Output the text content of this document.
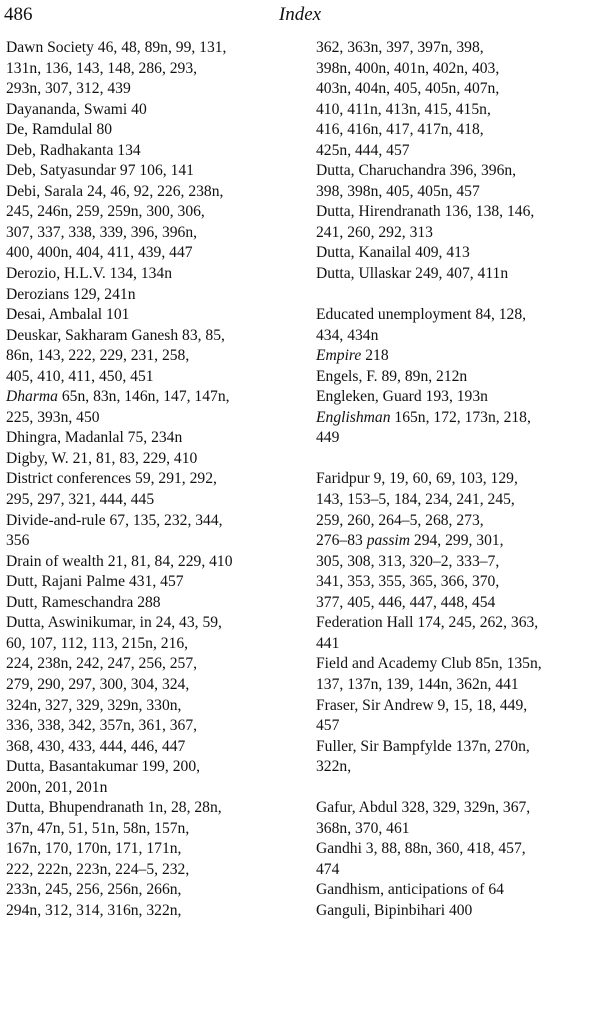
486	Index
Dawn Society 46, 48, 89n, 99, 131,
131n, 136, 143, 148, 286, 293,
293n, 307, 312, 439
Dayananda, Swami 40
De, Ramdulal 80
Deb, Radhakanta 134
Deb, Satyasundar 97 106, 141
Debi, Sarala 24, 46, 92, 226, 238n,
245, 246n, 259, 259n, 300, 306,
307, 337, 338, 339, 396, 396n,
400, 400n, 404, 411, 439, 447
Derozio, H.L.V. 134, 134n
Derozians 129, 241n
Desai, Ambalal 101
Deuskar, Sakharam Ganesh 83, 85,
86n, 143, 222, 229, 231, 258,
405, 410, 411, 450, 451
Dharma 65n, 83n, 146n, 147, 147n,
225, 393n, 450
Dhingra, Madanlal 75, 234n
Digby, W. 21, 81, 83, 229, 410
District conferences 59, 291, 292,
295, 297, 321, 444, 445
Divide-and-rule 67, 135, 232, 344,
356
Drain of wealth 21, 81, 84, 229, 410
Dutt, Rajani Palme 431, 457
Dutt, Rameschandra 288
Dutta, Aswinikumar, in 24, 43, 59,
60, 107, 112, 113, 215n, 216,
224, 238n, 242, 247, 256, 257,
279, 290, 297, 300, 304, 324,
324n, 327, 329, 329n, 330n,
336, 338, 342, 357n, 361, 367,
368, 430, 433, 444, 446, 447
Dutta, Basantakumar 199, 200,
200n, 201, 201n
Dutta, Bhupendranath 1n, 28, 28n,
37n, 47n, 51, 51n, 58n, 157n,
167n, 170, 170n, 171, 171n,
222, 222n, 223n, 224–5, 232,
233n, 245, 256, 256n, 266n,
294n, 312, 314, 316n, 322n,
362, 363n, 397, 397n, 398,
398n, 400n, 401n, 402n, 403,
403n, 404n, 405, 405n, 407n,
410, 411n, 413n, 415, 415n,
416, 416n, 417, 417n, 418,
425n, 444, 457
Dutta, Charuchandra 396, 396n,
398, 398n, 405, 405n, 457
Dutta, Hirendranath 136, 138, 146,
241, 260, 292, 313
Dutta, Kanailal 409, 413
Dutta, Ullaskar 249, 407, 411n
Educated unemployment 84, 128,
434, 434n
Empire 218
Engels, F. 89, 89n, 212n
Engleken, Guard 193, 193n
Englishman 165n, 172, 173n, 218,
449
Faridpur 9, 19, 60, 69, 103, 129,
143, 153–5, 184, 234, 241, 245,
259, 260, 264–5, 268, 273,
276–83 passim 294, 299, 301,
305, 308, 313, 320–2, 333–7,
341, 353, 355, 365, 366, 370,
377, 405, 446, 447, 448, 454
Federation Hall 174, 245, 262, 363,
441
Field and Academy Club 85n, 135n,
137, 137n, 139, 144n, 362n, 441
Fraser, Sir Andrew 9, 15, 18, 449,
457
Fuller, Sir Bampfylde 137n, 270n,
322n,
Gafur, Abdul 328, 329, 329n, 367,
368n, 370, 461
Gandhi 3, 88, 88n, 360, 418, 457,
474
Gandhism, anticipations of 64
Ganguli, Bipinbihari 400
